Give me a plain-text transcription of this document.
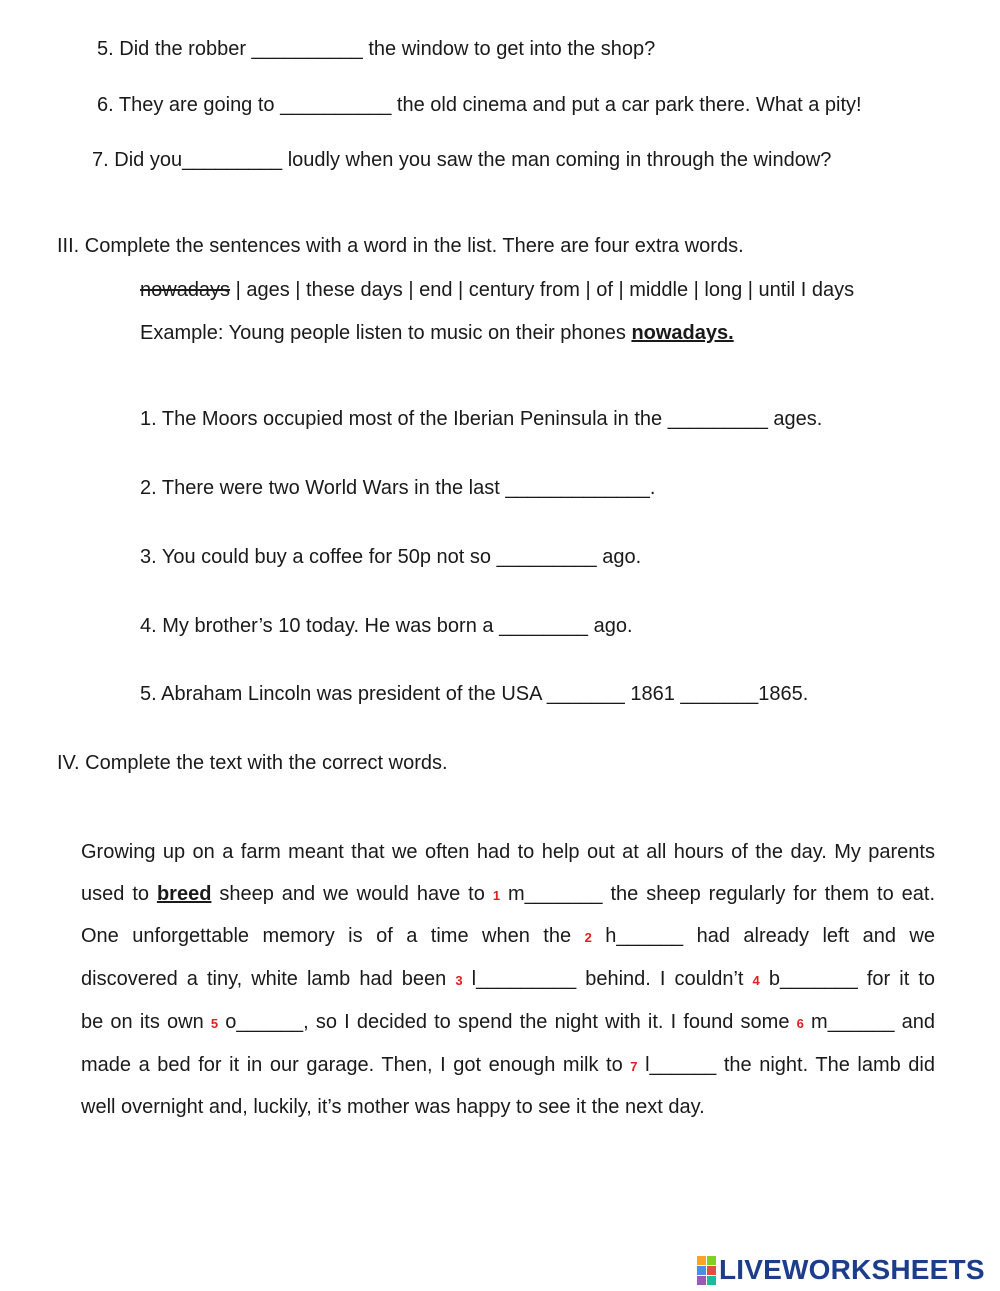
5. Did the robber __________ the window to get into the shop?
6. They are going to __________ the old cinema and put a car park there. What a pity!
7. Did you_________ loudly when you saw the man coming in through the window?
III. Complete the sentences with a word in the list. There are four extra words.
nowadays | ages | these days | end | century from | of | middle | long | until I days
Example: Young people listen to music on their phones nowadays.
1. The Moors occupied most of the Iberian Peninsula in the _________ ages.
2. There were two World Wars in the last _____________.
3. You could buy a coffee for 50p not so _________ ago.
4. My brother’s 10 today. He was born a ________ ago.
5. Abraham Lincoln was president of the USA _______ 1861 _______1865.
IV. Complete the text with the correct words.
Growing up on a farm meant that we often had to help out at all hours of the day. My parents
used to breed sheep and we would have to 1 m_______ the sheep regularly for them to eat.
One unforgettable memory is of a time when the 2 h______ had already left and we
discovered a tiny, white lamb had been 3 l_________ behind. I couldn’t 4 b_______ for it to
be on its own 5 o______, so I decided to spend the night with it. I found some 6 m______ and
made a bed for it in our garage. Then, I got enough milk to 7 l______ the night. The lamb did
well overnight and, luckily, it’s mother was happy to see it the next day.
LIVEWORKSHEETS
